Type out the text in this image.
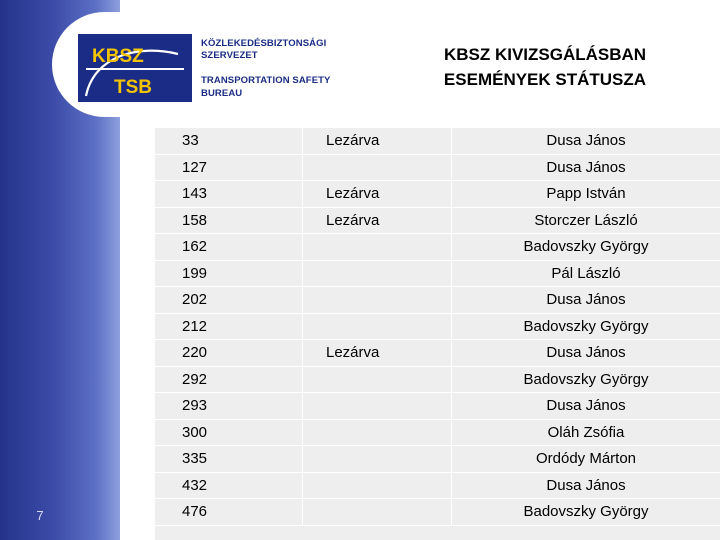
7
KBSZ
TSB
KÖZLEKEDÉSBIZTONSÁGI
SZERVEZET
TRANSPORTATION SAFETY
BUREAU
KBSZ KIVIZSGÁLÁSBAN
ESEMÉNYEK STÁTUSZA
33	Lezárva	Dusa János
127		Dusa János
143	Lezárva	Papp István
158	Lezárva	Storczer László
162		Badovszky György
199		Pál László
202		Dusa János
212		Badovszky György
220	Lezárva	Dusa János
292		Badovszky György
293		Dusa János
300		Oláh Zsófia
335		Ordódy Márton
432		Dusa János
476		Badovszky György
